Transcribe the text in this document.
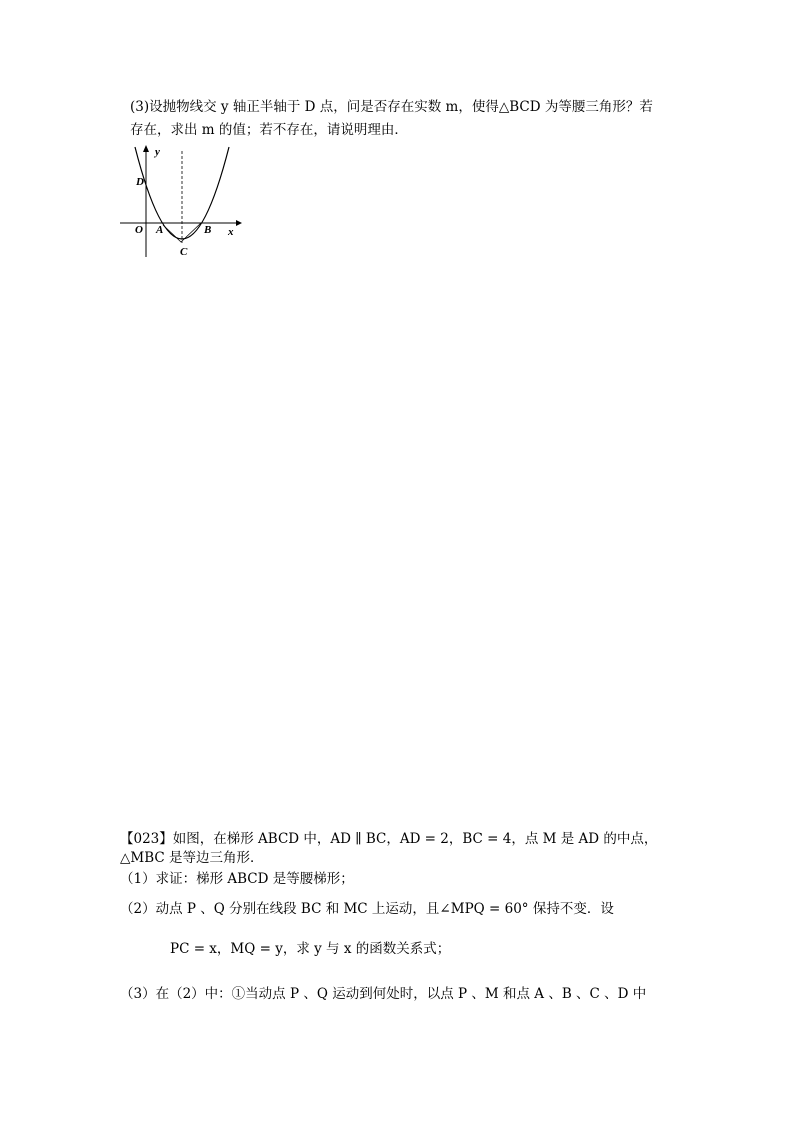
(3)设抛物线交 y 轴正半轴于 D 点，问是否存在实数 m，使得△BCD 为等腰三角形？若
存在，求出 m 的值；若不存在，请说明理由．
y
x
O
D
A	B
C
【023】如图，在梯形 ABCD 中，AD ∥ BC，AD = 2，BC = 4，点 M 是 AD 的中点，
△MBC 是等边三角形．
（1）求证：梯形 ABCD 是等腰梯形；
（2）动点 P 、Q 分别在线段 BC 和 MC 上运动，且∠MPQ = 60° 保持不变．设
PC = x，MQ = y，求 y 与 x 的函数关系式；
（3）在（2）中：①当动点 P 、Q 运动到何处时，以点 P 、M 和点 A 、B 、C 、D 中
